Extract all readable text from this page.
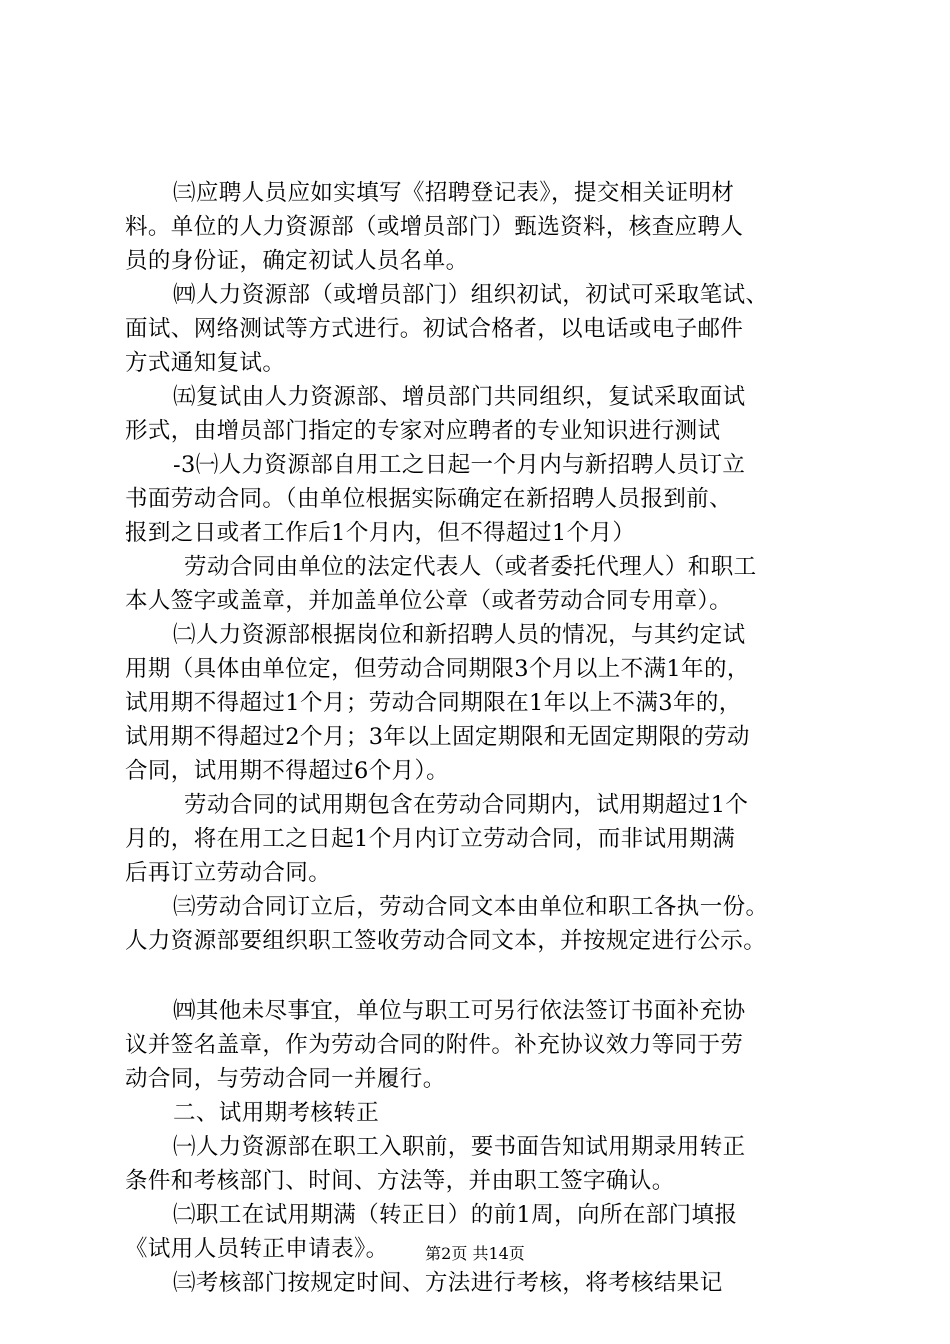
㈢应聘人员应如实填写《招聘登记表》，提交相关证明材
料。单位的人力资源部（或增员部门）甄选资料，核查应聘人
员的身份证，确定初试人员名单。
㈣人力资源部（或增员部门）组织初试，初试可采取笔试、
面试、网络测试等方式进行。初试合格者，以电话或电子邮件
方式通知复试。
㈤复试由人力资源部、增员部门共同组织，复试采取面试
形式，由增员部门指定的专家对应聘者的专业知识进行测试
-3㈠人力资源部自用工之日起一个月内与新招聘人员订立
书面劳动合同。（由单位根据实际确定在新招聘人员报到前、
报到之日或者工作后1个月内，但不得超过1个月）
劳动合同由单位的法定代表人（或者委托代理人）和职工
本人签字或盖章，并加盖单位公章（或者劳动合同专用章）。
㈡人力资源部根据岗位和新招聘人员的情况，与其约定试
用期（具体由单位定，但劳动合同期限3个月以上不满1年的，
试用期不得超过1个月；劳动合同期限在1年以上不满3年的，
试用期不得超过2个月；3年以上固定期限和无固定期限的劳动
合同，试用期不得超过6个月）。
劳动合同的试用期包含在劳动合同期内，试用期超过1个
月的，将在用工之日起1个月内订立劳动合同，而非试用期满
后再订立劳动合同。
㈢劳动合同订立后，劳动合同文本由单位和职工各执一份。
人力资源部要组织职工签收劳动合同文本，并按规定进行公示。
㈣其他未尽事宜，单位与职工可另行依法签订书面补充协
议并签名盖章，作为劳动合同的附件。补充协议效力等同于劳
动合同，与劳动合同一并履行。
二、试用期考核转正
㈠人力资源部在职工入职前，要书面告知试用期录用转正
条件和考核部门、时间、方法等，并由职工签字确认。
㈡职工在试用期满（转正日）的前1周，向所在部门填报
《试用人员转正申请表》。
㈢考核部门按规定时间、方法进行考核，将考核结果记
第2页 共14页
